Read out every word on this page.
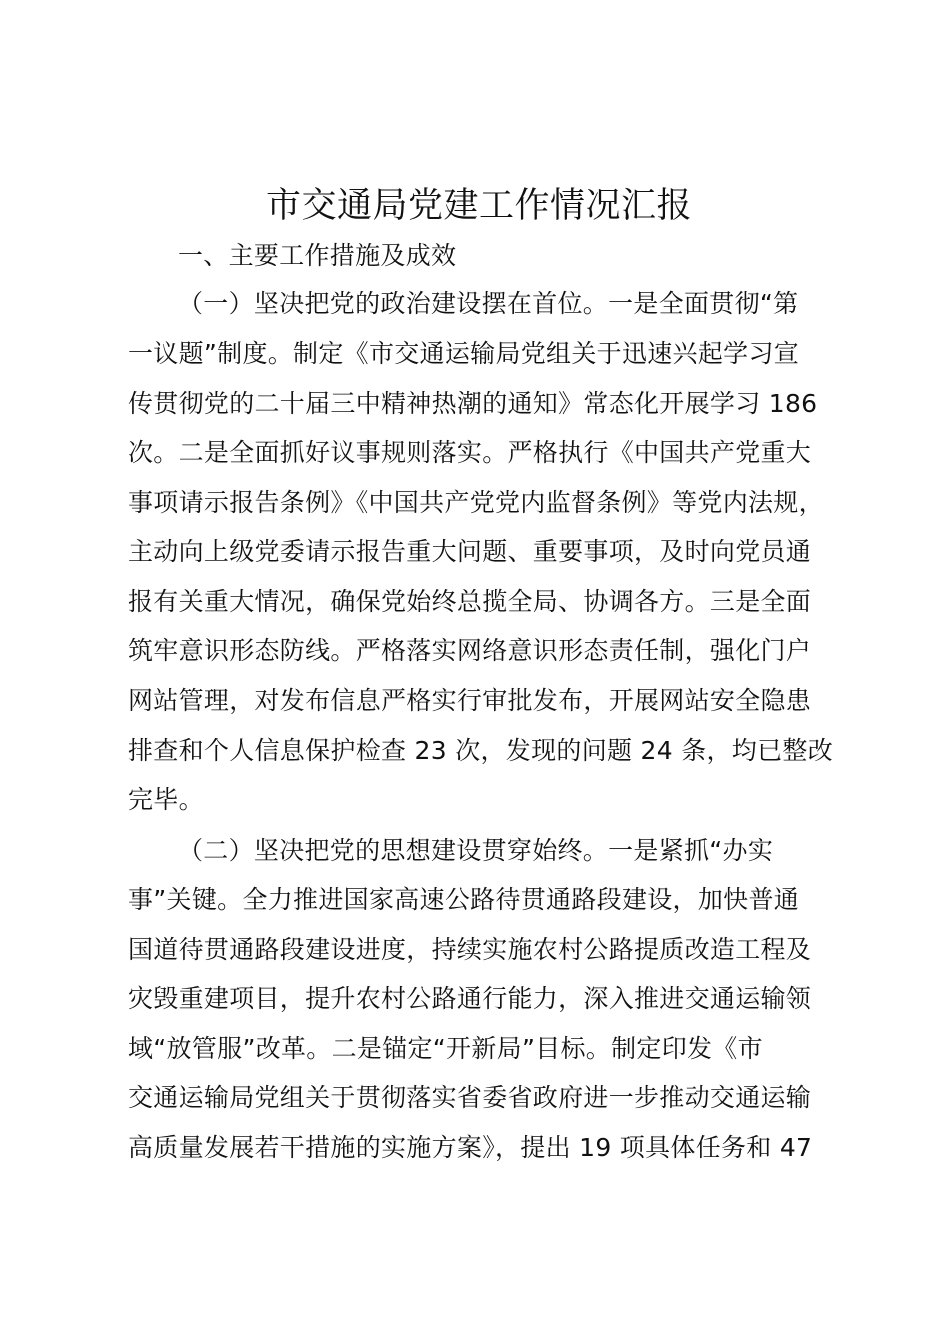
市交通局党建工作情况汇报
一、主要工作措施及成效
（一）坚决把党的政治建设摆在首位。一是全面贯彻“第
一议题”制度。制定《市交通运输局党组关于迅速兴起学习宣
传贯彻党的二十届三中精神热潮的通知》常态化开展学习 186
次。二是全面抓好议事规则落实。严格执行《中国共产党重大
事项请示报告条例》《中国共产党党内监督条例》等党内法规，
主动向上级党委请示报告重大问题、重要事项，及时向党员通
报有关重大情况，确保党始终总揽全局、协调各方。三是全面
筑牢意识形态防线。严格落实网络意识形态责任制，强化门户
网站管理，对发布信息严格实行审批发布，开展网站安全隐患
排查和个人信息保护检查 23 次，发现的问题 24 条，均已整改
完毕。
（二）坚决把党的思想建设贯穿始终。一是紧抓“办实
事”关键。全力推进国家高速公路待贯通路段建设，加快普通
国道待贯通路段建设进度，持续实施农村公路提质改造工程及
灾毁重建项目，提升农村公路通行能力，深入推进交通运输领
域“放管服”改革。二是锚定“开新局”目标。制定印发《市
交通运输局党组关于贯彻落实省委省政府进一步推动交通运输
高质量发展若干措施的实施方案》，提出 19 项具体任务和 47
